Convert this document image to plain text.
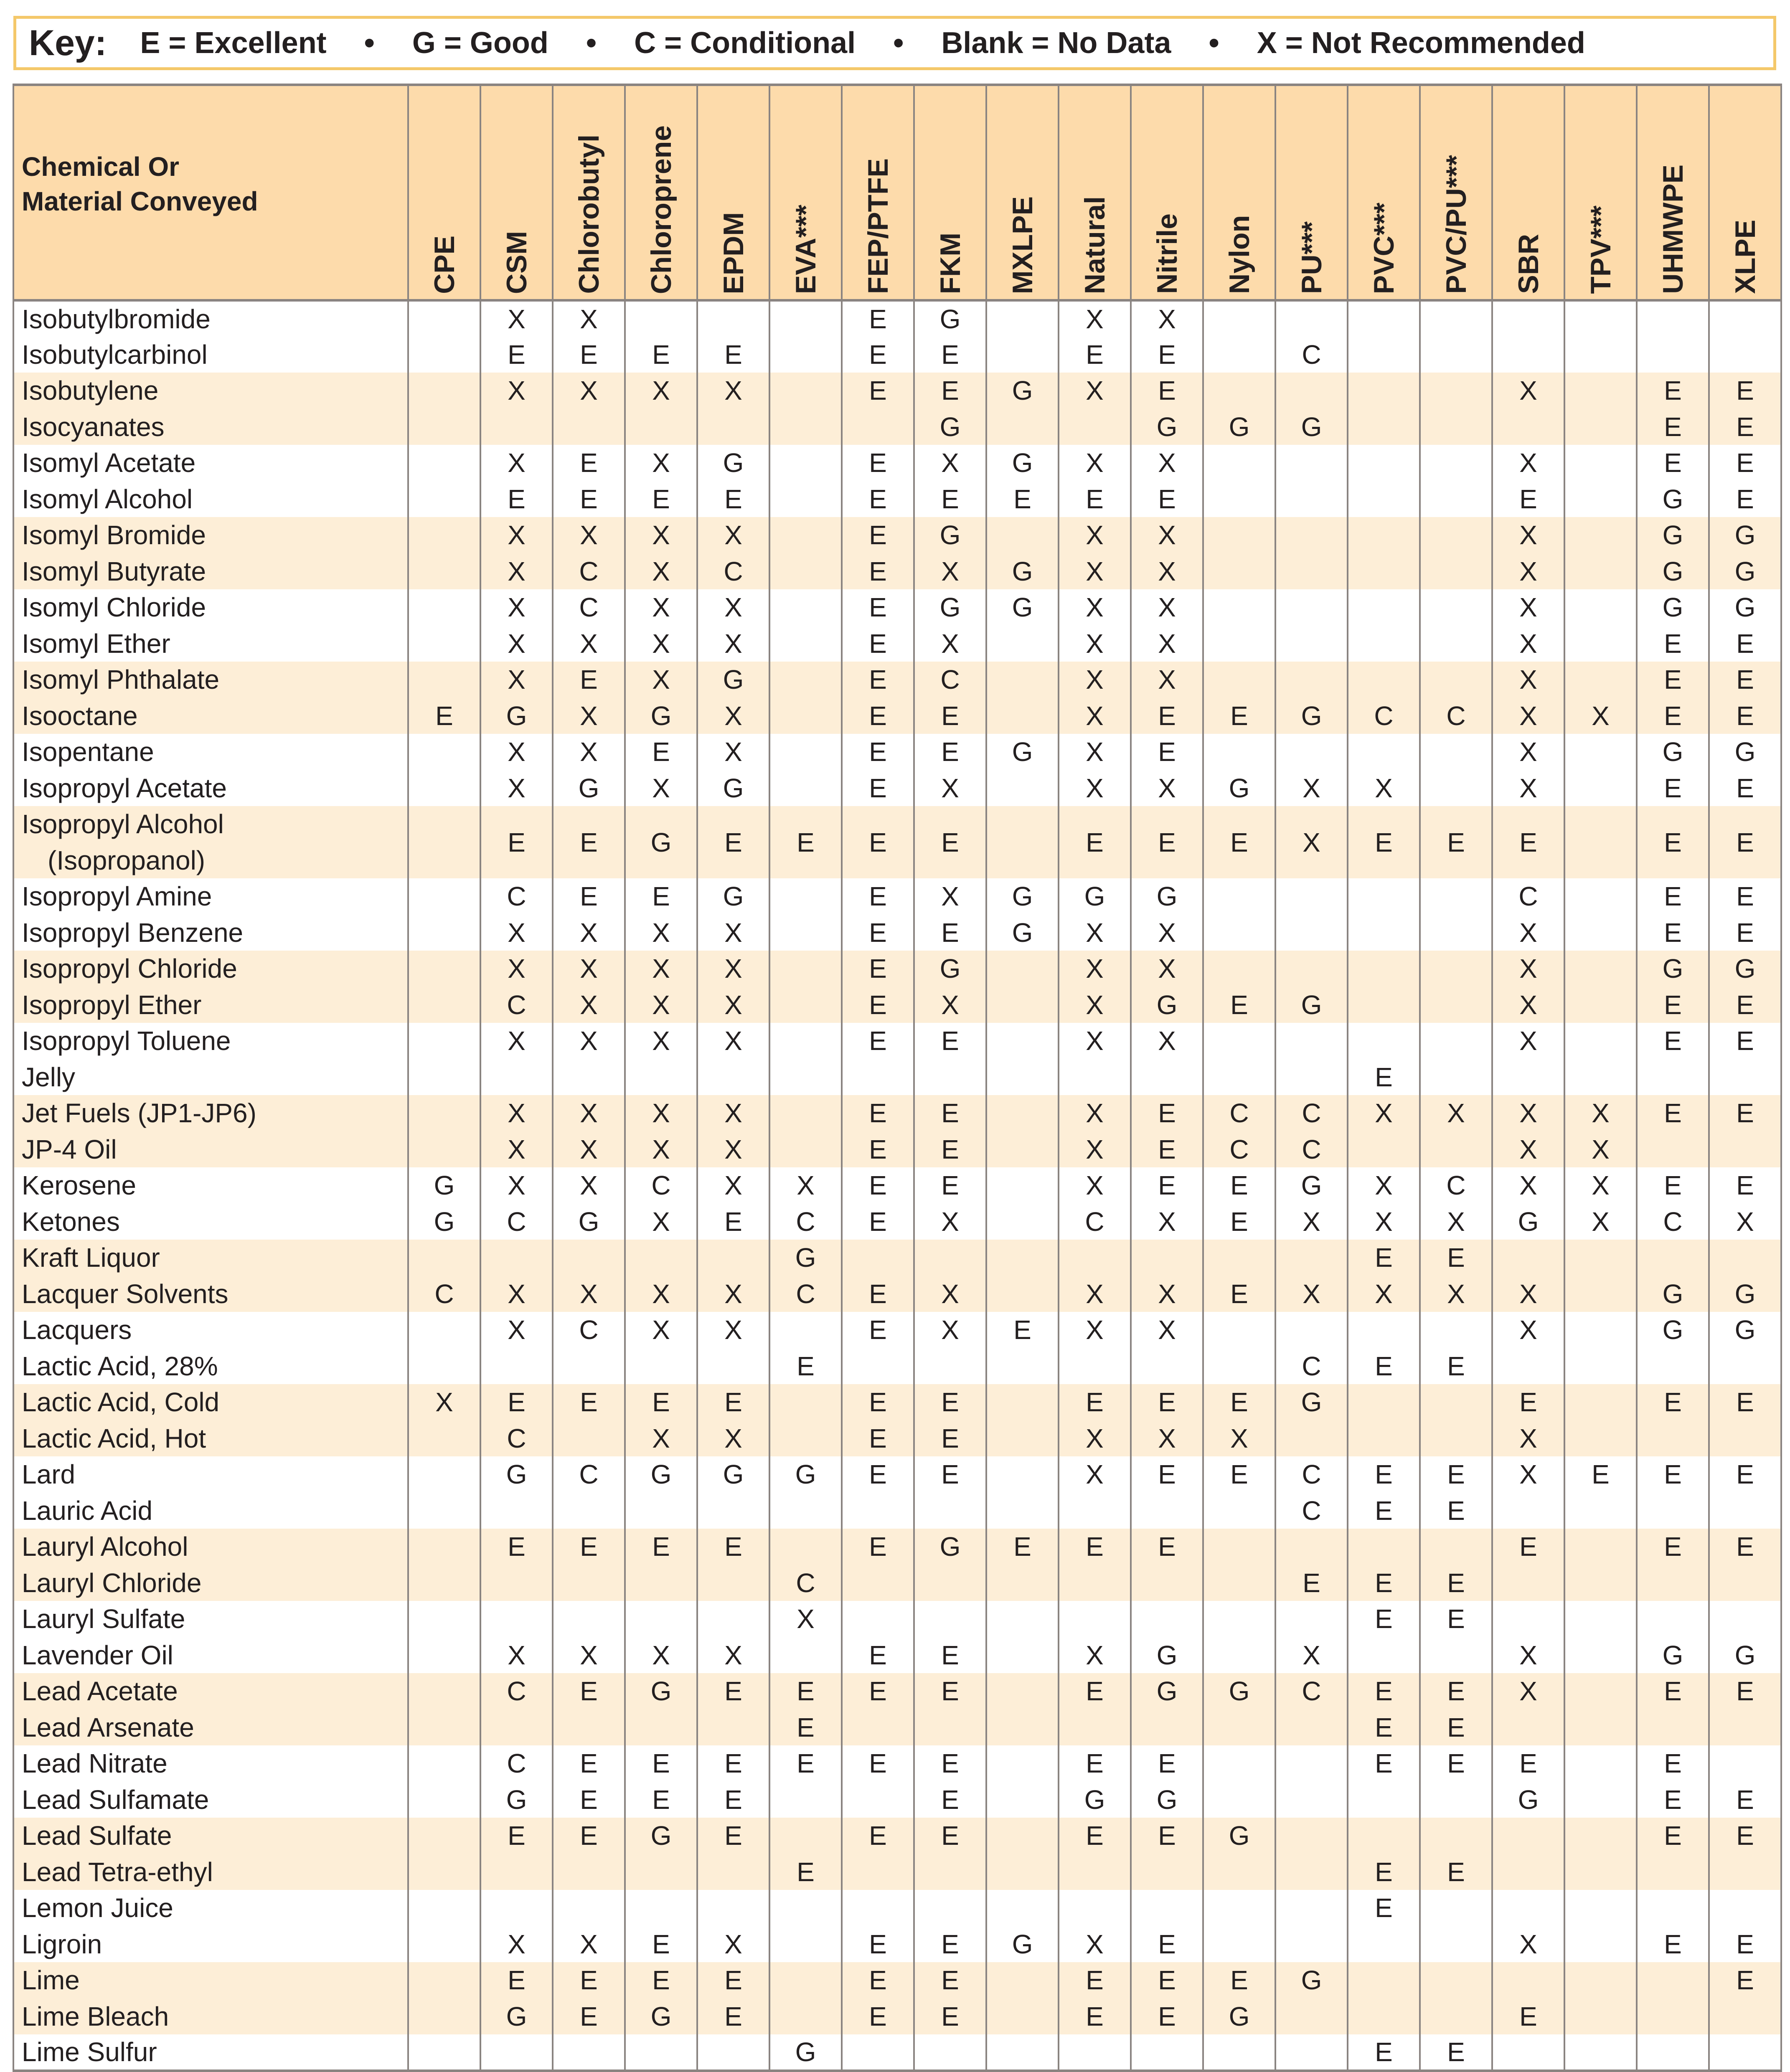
Key: E = Excellent • G = Good • C = Conditional • Blank = No Data • X = Not Recommended
Chemical Or
Material Conveyed	CPE	CSM	Chlorobutyl	Chloroprene	EPDM	EVA***	FEP/PTFE	FKM	MXLPE	Natural	Nitrile	Nylon	PU***	PVC***	PVC/PU***	SBR	TPV***	UHMWPE	XLPE

Isobutylbromide		X	X				E	G		X	X								
Isobutylcarbinol		E	E	E	E		E	E		E	E		C						
Isobutylene		X	X	X	X		E	E	G	X	E					X		E	E
Isocyanates								G			G	G	G					E	E
Isomyl Acetate		X	E	X	G		E	X	G	X	X					X		E	E
Isomyl Alcohol		E	E	E	E		E	E	E	E	E					E		G	E
Isomyl Bromide		X	X	X	X		E	G		X	X					X		G	G
Isomyl Butyrate		X	C	X	C		E	X	G	X	X					X		G	G
Isomyl Chloride		X	C	X	X		E	G	G	X	X					X		G	G
Isomyl Ether		X	X	X	X		E	X		X	X					X		E	E
Isomyl Phthalate		X	E	X	G		E	C		X	X					X		E	E
Isooctane	E	G	X	G	X		E	E		X	E	E	G	C	C	X	X	E	E
Isopentane		X	X	E	X		E	E	G	X	E					X		G	G
Isopropyl Acetate		X	G	X	G		E	X		X	X	G	X	X		X		E	E
Isopropyl Alcohol
(Isopropanol)		E	E	G	E	E	E	E		E	E	E	X	E	E	E		E	E
Isopropyl Amine		C	E	E	G		E	X	G	G	G					C		E	E
Isopropyl Benzene		X	X	X	X		E	E	G	X	X					X		E	E
Isopropyl Chloride		X	X	X	X		E	G		X	X					X		G	G
Isopropyl Ether		C	X	X	X		E	X		X	G	E	G			X		E	E
Isopropyl Toluene		X	X	X	X		E	E		X	X					X		E	E
Jelly														E					
Jet Fuels (JP1-JP6)		X	X	X	X		E	E		X	E	C	C	X	X	X	X	E	E
JP-4 Oil		X	X	X	X		E	E		X	E	C	C			X	X		
Kerosene	G	X	X	C	X	X	E	E		X	E	E	G	X	C	X	X	E	E
Ketones	G	C	G	X	E	C	E	X		C	X	E	X	X	X	G	X	C	X
Kraft Liquor						G								E	E				
Lacquer Solvents	C	X	X	X	X	C	E	X		X	X	E	X	X	X	X		G	G
Lacquers		X	C	X	X		E	X	E	X	X					X		G	G
Lactic Acid, 28%						E							C	E	E				
Lactic Acid, Cold	X	E	E	E	E		E	E		E	E	E	G			E		E	E
Lactic Acid, Hot		C		X	X		E	E		X	X	X				X			
Lard		G	C	G	G	G	E	E		X	E	E	C	E	E	X	E	E	E
Lauric Acid													C	E	E				
Lauryl Alcohol		E	E	E	E		E	G	E	E	E					E		E	E
Lauryl Chloride						C							E	E	E				
Lauryl Sulfate						X								E	E				
Lavender Oil		X	X	X	X		E	E		X	G		X			X		G	G
Lead Acetate		C	E	G	E	E	E	E		E	G	G	C	E	E	X		E	E
Lead Arsenate						E								E	E				
Lead Nitrate		C	E	E	E	E	E	E		E	E			E	E	E		E	
Lead Sulfamate		G	E	E	E			E		G	G					G		E	E
Lead Sulfate		E	E	G	E		E	E		E	E	G						E	E
Lead Tetra-ethyl						E								E	E				
Lemon Juice														E					
Ligroin		X	X	E	X		E	E	G	X	E					X		E	E
Lime		E	E	E	E		E	E		E	E	E	G						E
Lime Bleach		G	E	G	E		E	E		E	E	G				E			
Lime Sulfur						G								E	E				
